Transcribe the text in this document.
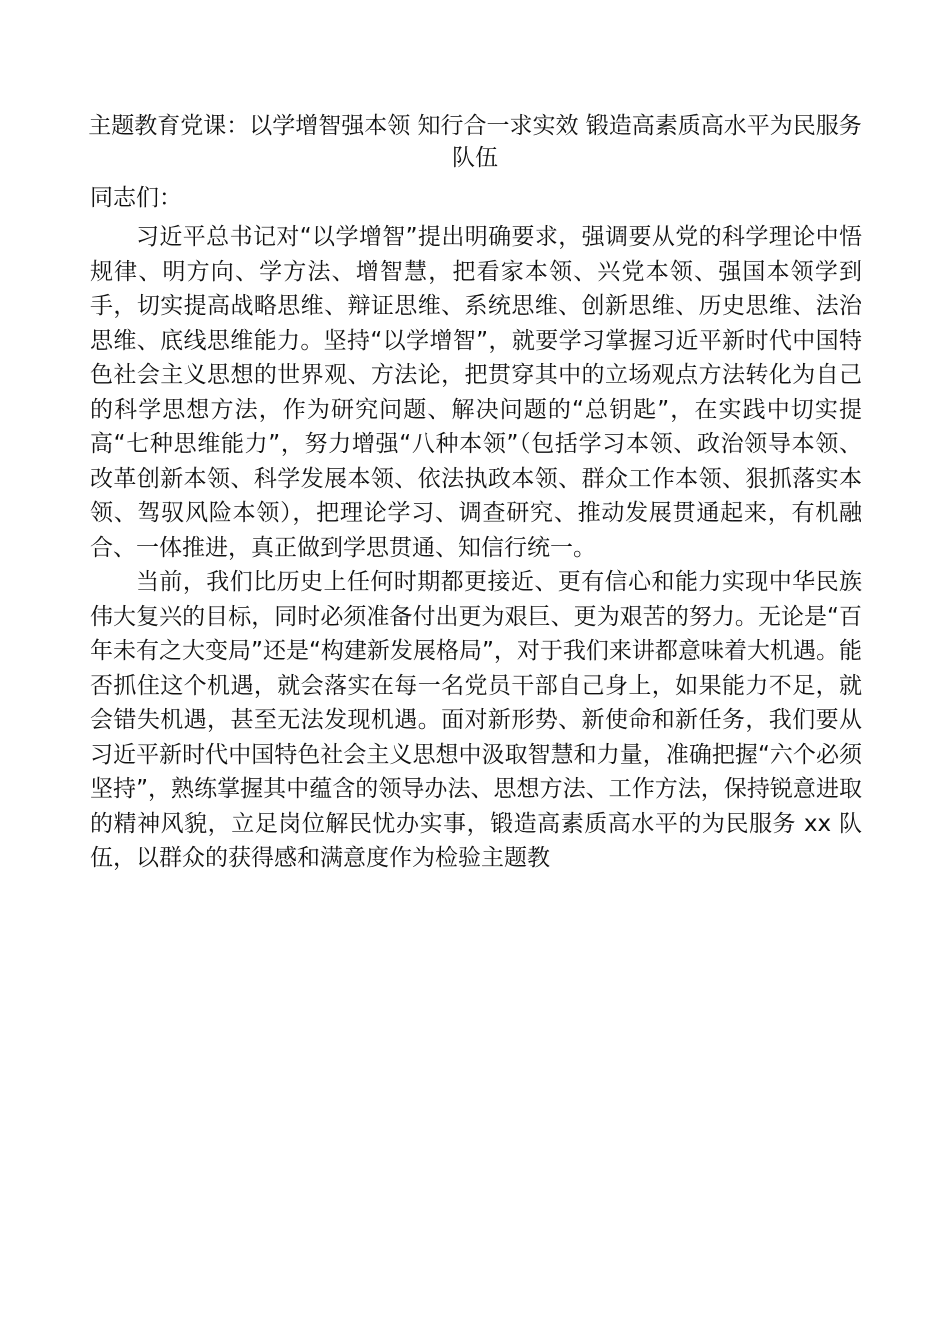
主题教育党课：以学增智强本领 知行合一求实效 锻造高素质高水平为民服务队伍

同志们：

习近平总书记对“以学增智”提出明确要求，强调要从党的科学理论中悟规律、明方向、学方法、增智慧，把看家本领、兴党本领、强国本领学到手，切实提高战略思维、辩证思维、系统思维、创新思维、历史思维、法治思维、底线思维能力。坚持“以学增智”，就要学习掌握习近平新时代中国特色社会主义思想的世界观、方法论，把贯穿其中的立场观点方法转化为自己的科学思想方法，作为研究问题、解决问题的“总钥匙”，在实践中切实提高“七种思维能力”，努力增强“八种本领”（包括学习本领、政治领导本领、改革创新本领、科学发展本领、依法执政本领、群众工作本领、狠抓落实本领、驾驭风险本领），把理论学习、调查研究、推动发展贯通起来，有机融合、一体推进，真正做到学思贯通、知信行统一。

当前，我们比历史上任何时期都更接近、更有信心和能力实现中华民族伟大复兴的目标，同时必须准备付出更为艰巨、更为艰苦的努力。无论是“百年未有之大变局”还是“构建新发展格局”，对于我们来讲都意味着大机遇。能否抓住这个机遇，就会落实在每一名党员干部自己身上，如果能力不足，就会错失机遇，甚至无法发现机遇。面对新形势、新使命和新任务，我们要从习近平新时代中国特色社会主义思想中汲取智慧和力量，准确把握“六个必须坚持”，熟练掌握其中蕴含的领导办法、思想方法、工作方法，保持锐意进取的精神风貌，立足岗位解民忧办实事，锻造高素质高水平的为民服务 xx 队伍，以群众的获得感和满意度作为检验主题教
